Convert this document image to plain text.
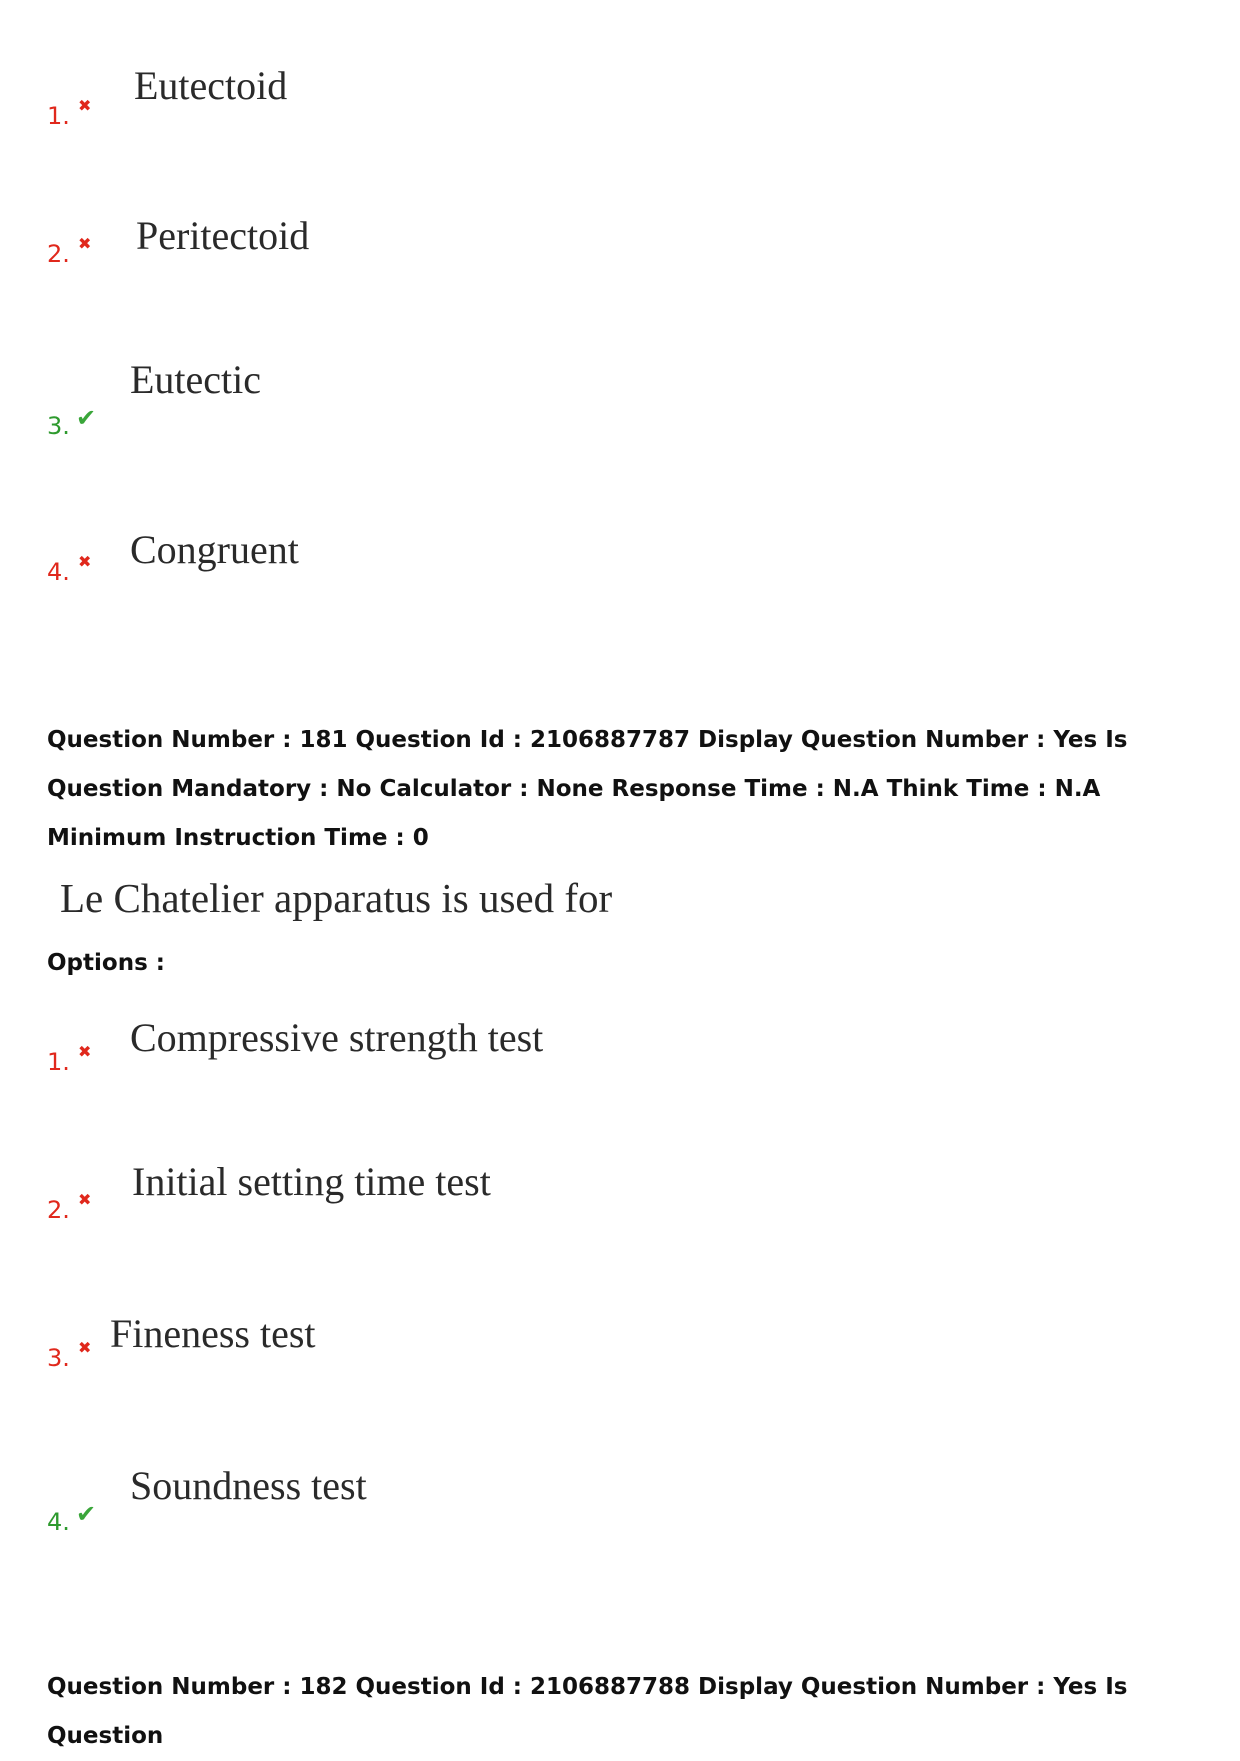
1. ✖ Eutectoid
2. ✖ Peritectoid
3. ✔
Eutectic
4. ✖ Congruent

Question Number : 181 Question Id : 2106887787 Display Question Number : Yes Is Question Mandatory : No Calculator : None Response Time : N.A Think Time : N.A Minimum Instruction Time : 0

Le Chatelier apparatus is used for
Options :
1. ✖ Compressive strength test
2. ✖ Initial setting time test
3. ✖ Fineness test
4. ✔
Soundness test

Question Number : 182 Question Id : 2106887788 Display Question Number : Yes Is Question
